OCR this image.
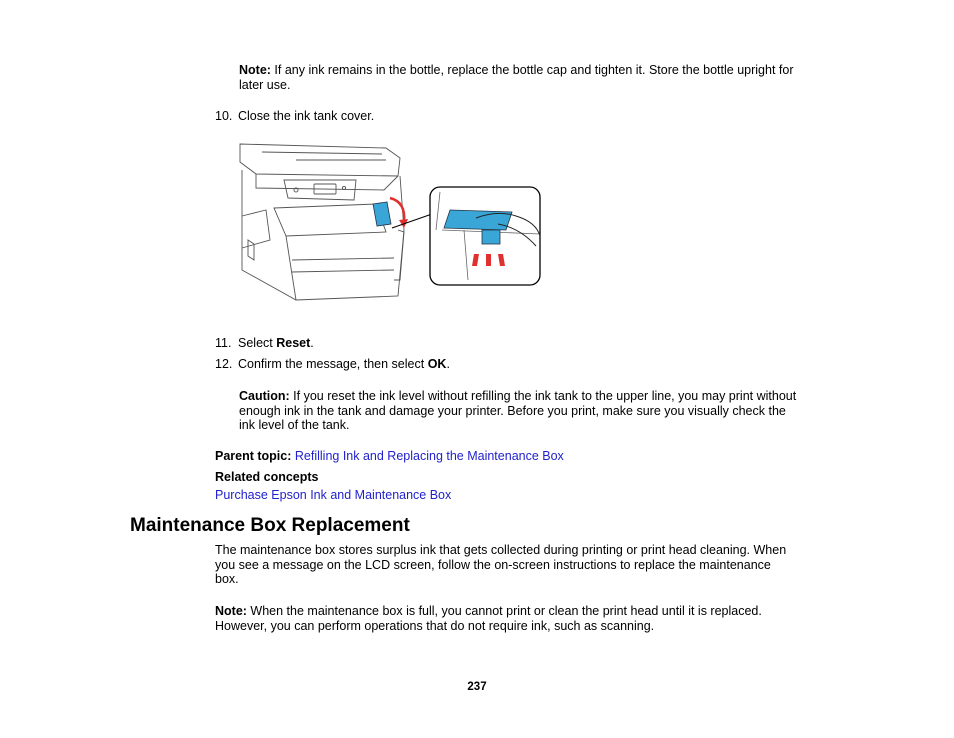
Note: If any ink remains in the bottle, replace the bottle cap and tighten it. Store the bottle upright for
later use.
10. Close the ink tank cover.
11. Select Reset.
12. Confirm the message, then select OK.
Caution: If you reset the ink level without refilling the ink tank to the upper line, you may print without
enough ink in the tank and damage your printer. Before you print, make sure you visually check the
ink level of the tank.
Parent topic: Refilling Ink and Replacing the Maintenance Box
Related concepts
Purchase Epson Ink and Maintenance Box
Maintenance Box Replacement
The maintenance box stores surplus ink that gets collected during printing or print head cleaning. When
you see a message on the LCD screen, follow the on-screen instructions to replace the maintenance
box.
Note: When the maintenance box is full, you cannot print or clean the print head until it is replaced.
However, you can perform operations that do not require ink, such as scanning.
237
